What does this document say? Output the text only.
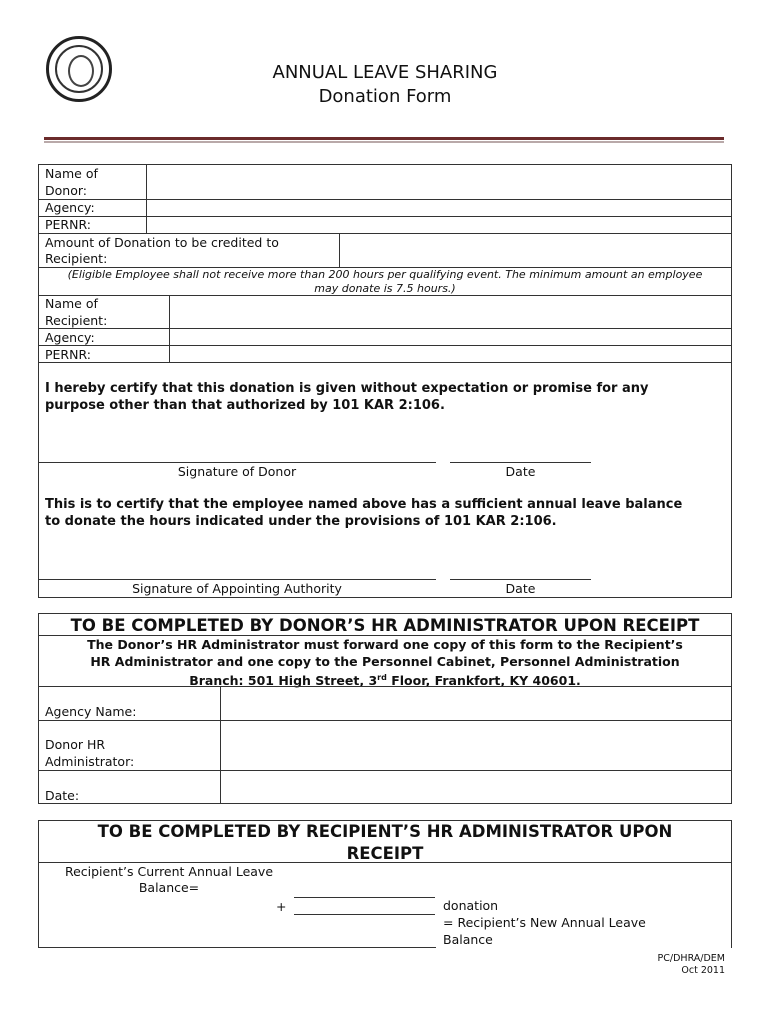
ANNUAL LEAVE SHARING
Donation Form
Name of
Donor:
Agency:
PERNR:
Amount of Donation to be credited to
Recipient:
(Eligible Employee shall not receive more than 200 hours per qualifying event. The minimum amount an employee
may donate is 7.5 hours.)
Name of
Recipient:
Agency:
PERNR:
I hereby certify that this donation is given without expectation or promise for any
purpose other than that authorized by 101 KAR 2:106.
Signature of Donor	Date
This is to certify that the employee named above has a sufficient annual leave balance
to donate the hours indicated under the provisions of 101 KAR 2:106.
Signature of Appointing Authority	Date
TO BE COMPLETED BY DONOR’S HR ADMINISTRATOR UPON RECEIPT
The Donor’s HR Administrator must forward one copy of this form to the Recipient’s
HR Administrator and one copy to the Personnel Cabinet, Personnel Administration
Branch: 501 High Street, 3rd Floor, Frankfort, KY 40601.
Agency Name:
Donor HR
Administrator:
Date:
TO BE COMPLETED BY RECIPIENT’S HR ADMINISTRATOR UPON
RECEIPT
Recipient’s Current Annual Leave
Balance=
+	donation
= Recipient’s New Annual Leave
Balance
PC/DHRA/DEM
Oct 2011
